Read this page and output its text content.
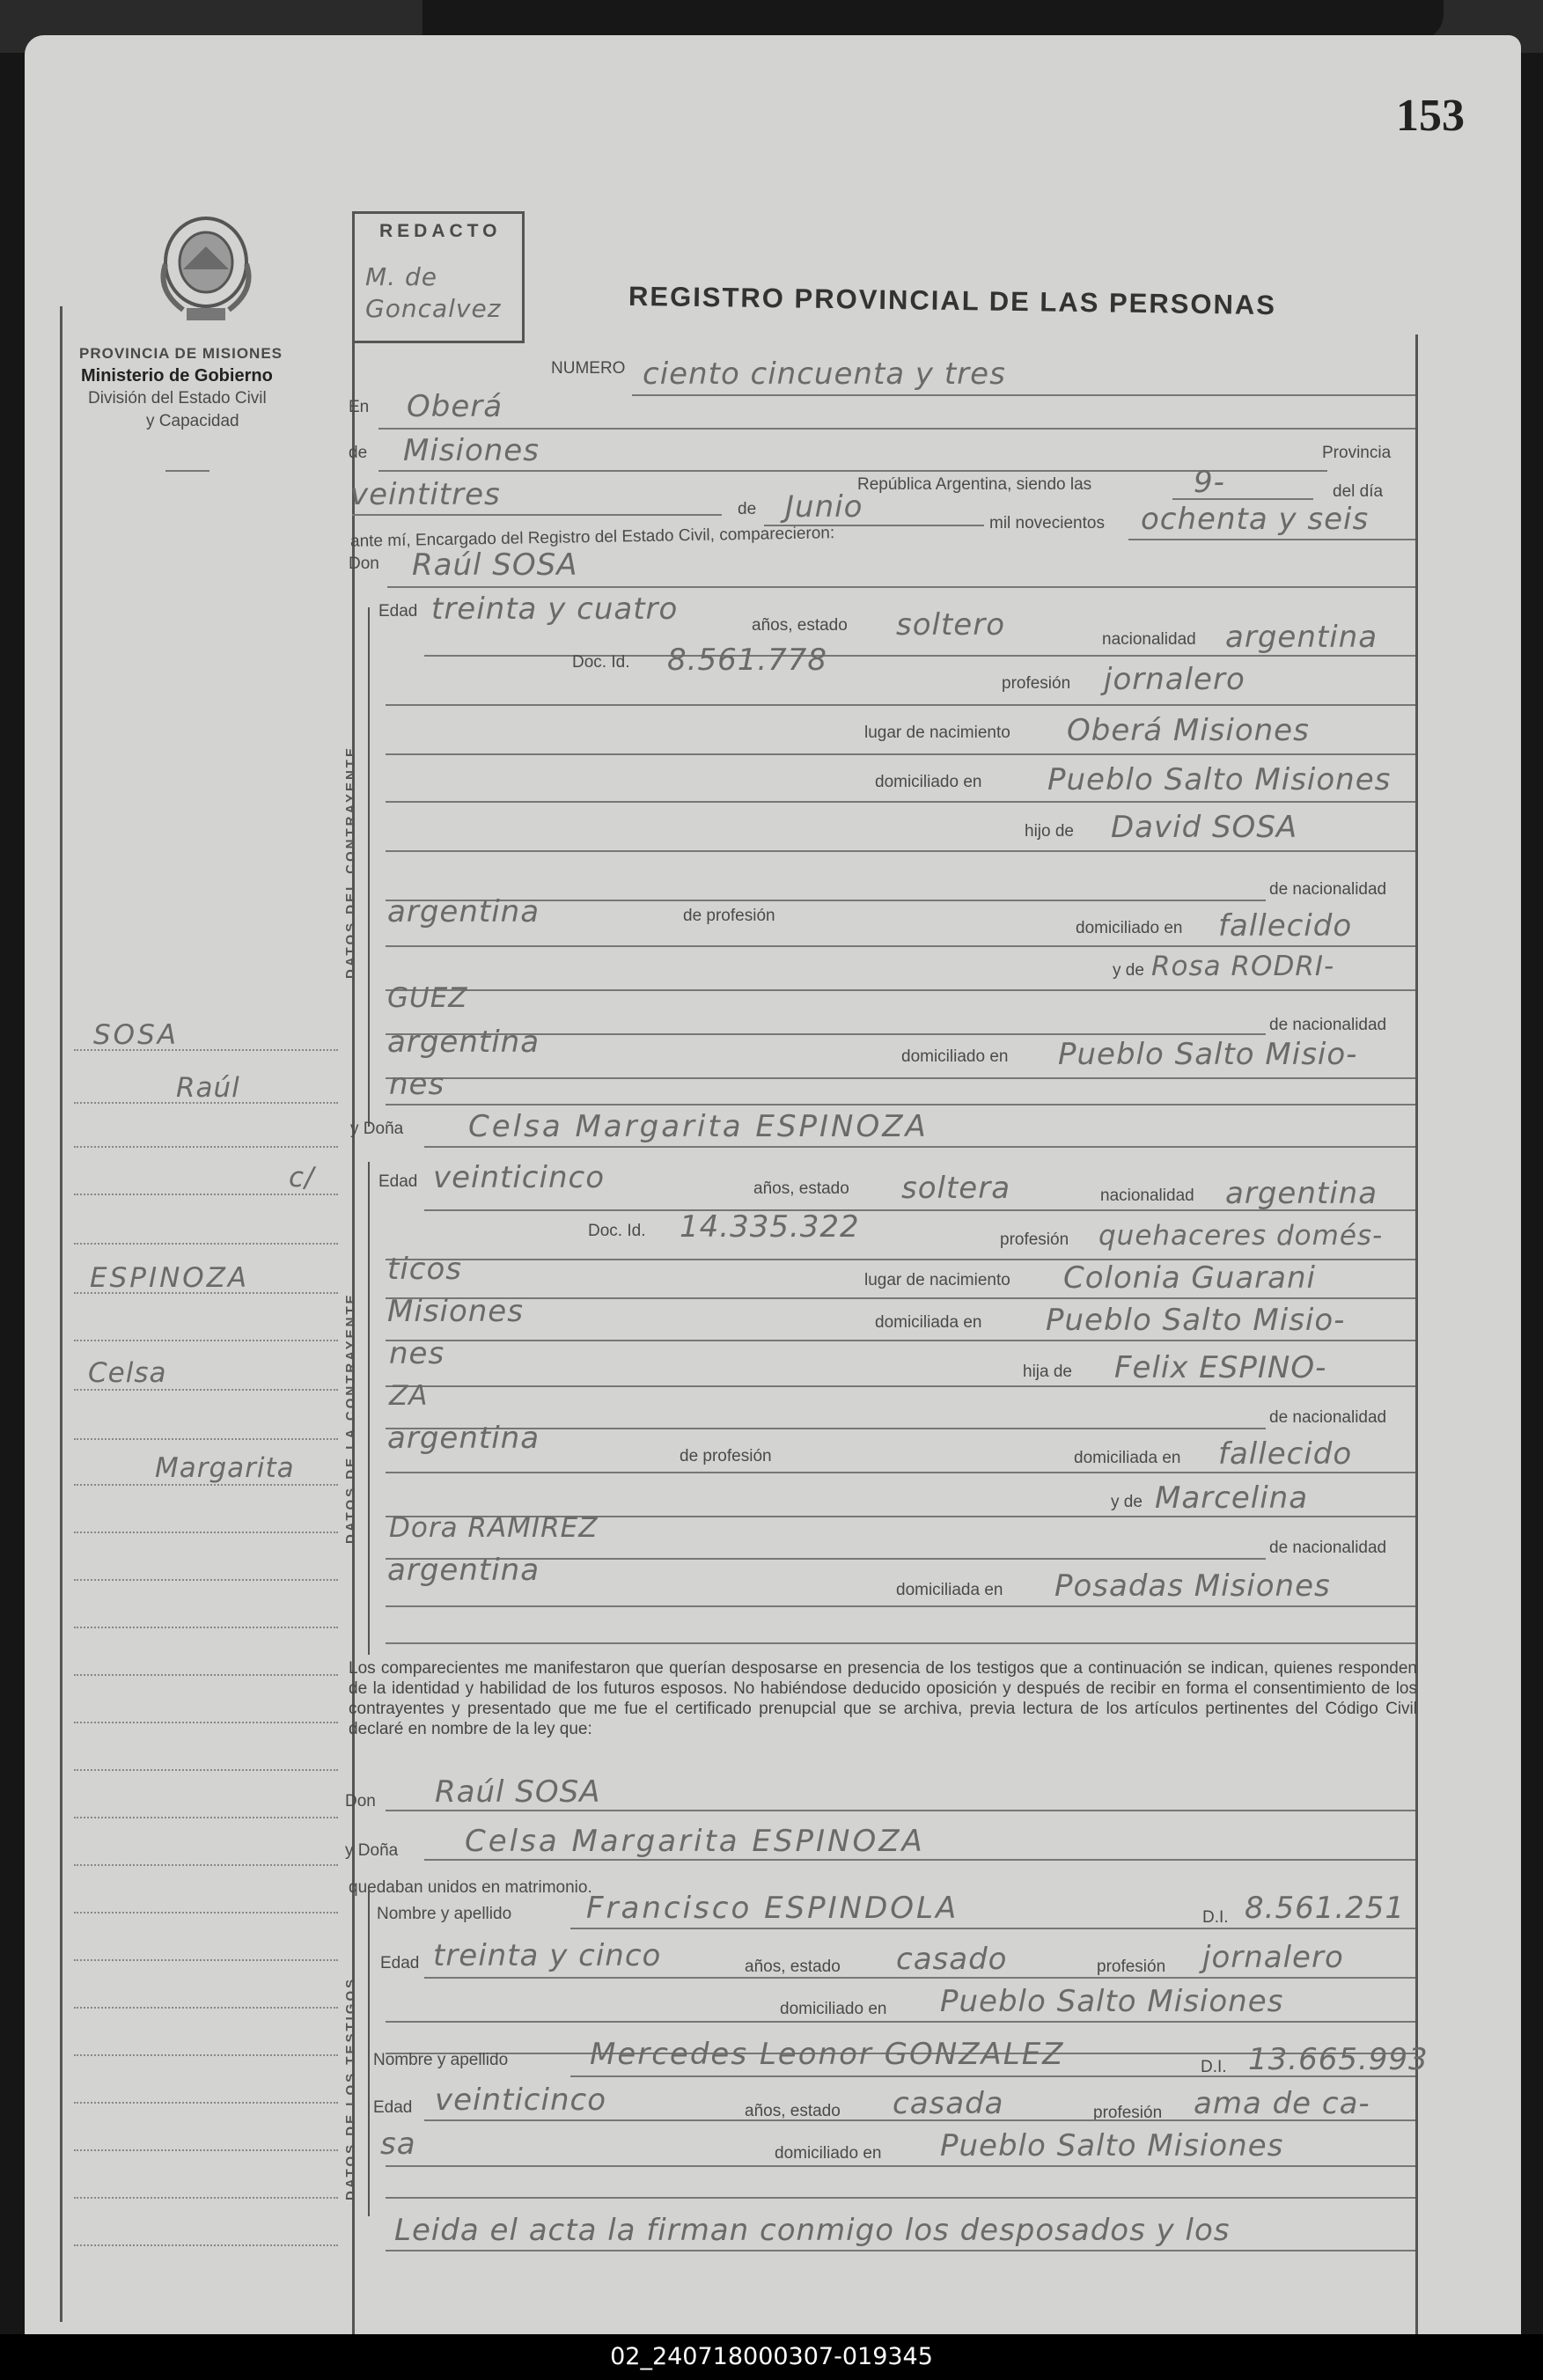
153
PROVINCIA DE MISIONES
Ministerio de Gobierno
División del Estado Civil
y Capacidad
REDACTO
M. de Goncalvez	REGISTRO PROVINCIAL DE LAS PERSONAS
NUMERO ciento cincuenta y tres
En Oberá
de Misiones	Provincia
República Argentina, siendo las	9-	del día
veintitres	de Junio	mil novecientos ochenta y seis
ante mí, Encargado del Registro del Estado Civil, comparecieron:
Don Raúl SOSA
DATOS DEL CONTRAYENTE
Edad treinta y cuatro	años, estado soltero	nacionalidad argentina
Doc. Id. 8.561.778
profesión jornalero
lugar de nacimiento Oberá Misiones
domiciliado en Pueblo Salto Misiones
hijo de David SOSA
de nacionalidad
argentina	de profesión
domiciliado en fallecido
y de Rosa RODRI-
GUEZ
de nacionalidad
argentina	domiciliado en Pueblo Salto Misio-
nes
y Doña Celsa Margarita ESPINOZA
DATOS DE LA CONTRAYENTE
Edad veinticinco	años, estado soltera	nacionalidad argentina
Doc. Id. 14.335.322	profesión quehaceres domés-
ticos	lugar de nacimiento Colonia Guarani
Misiones	domiciliada en Pueblo Salto Misio-
nes
hija de Felix ESPINO-
ZA
de nacionalidad
argentina
de profesión	domiciliada en fallecido
y de Marcelina
Dora RAMIREZ
de nacionalidad
argentina
domiciliada en Posadas Misiones
Los comparecientes me manifestaron que querían desposarse en presencia de los testigos que a continuación se indican, quienes responden de la identidad y habilidad de los futuros esposos. No habiéndose deducido oposición y después de recibir en forma el consentimiento de los contrayentes y presentado que me fue el certificado prenupcial que se archiva, previa lectura de los artículos pertinentes del Código Civil declaré en nombre de la ley que:
Don Raúl SOSA
y Doña Celsa Margarita ESPINOZA
quedaban unidos en matrimonio.
DATOS DE LOS TESTIGOS
Nombre y apellido Francisco ESPINDOLA	D.I. 8.561.251
Edad treinta y cinco	años, estado casado	profesión jornalero
domiciliado en Pueblo Salto Misiones
Nombre y apellido	Mercedes Leonor GONZALEZ	D.I. 13.665.993
Edad veinticinco	años, estado casada	profesión ama de ca-
sa	domiciliado en Pueblo Salto Misiones
Leida el acta la firman conmigo los desposados y los
SOSA
Raúl
c/
ESPINOZA
Celsa
Margarita
02_240718000307-019345
